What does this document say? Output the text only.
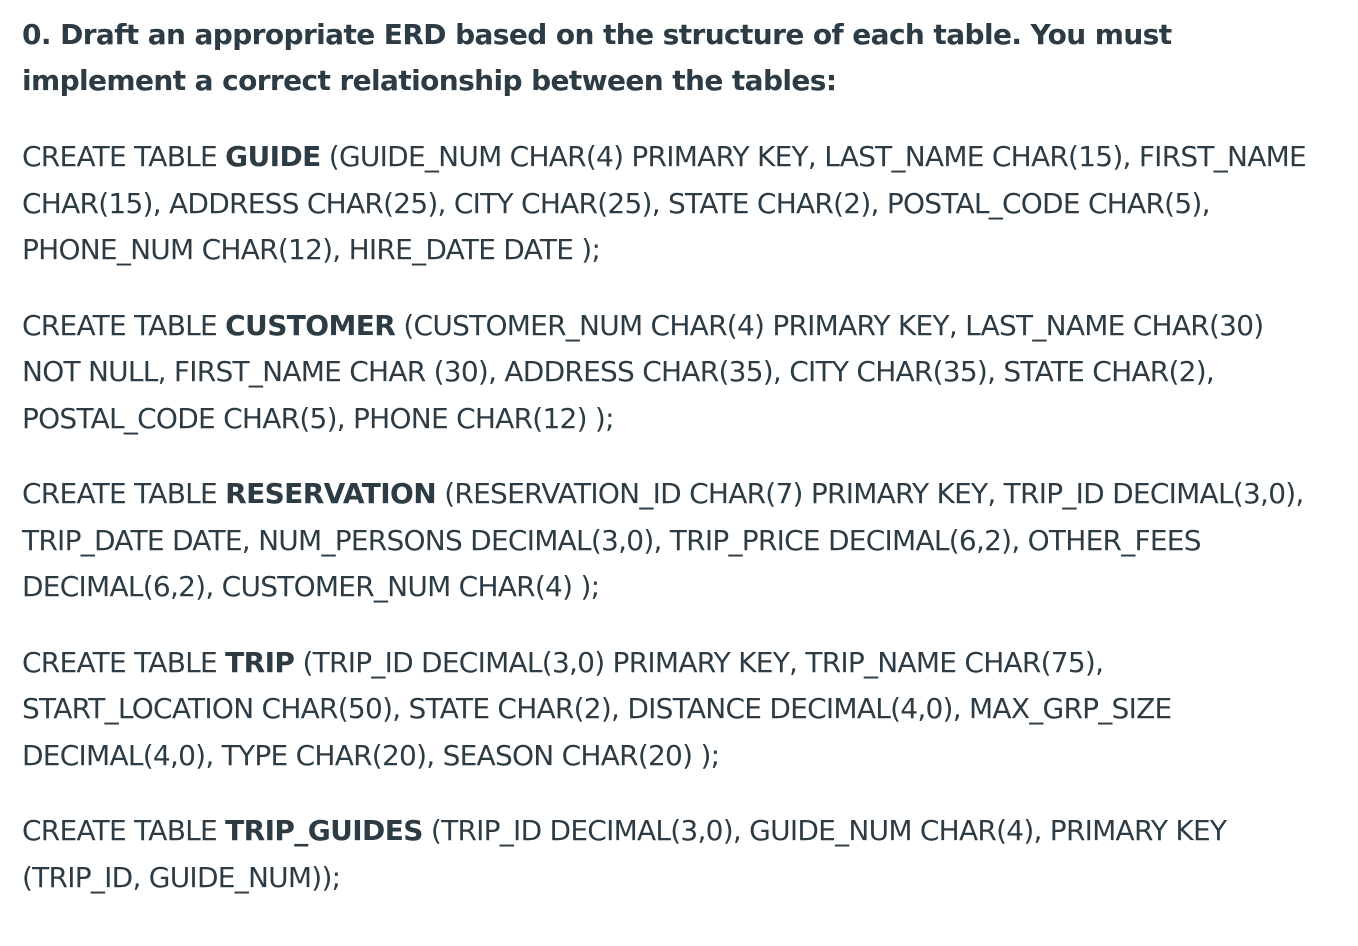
0. Draft an appropriate ERD based on the structure of each table. You must implement a correct relationship between the tables:

CREATE TABLE GUIDE (GUIDE_NUM CHAR(4) PRIMARY KEY, LAST_NAME CHAR(15), FIRST_NAME CHAR(15), ADDRESS CHAR(25), CITY CHAR(25), STATE CHAR(2), POSTAL_CODE CHAR(5), PHONE_NUM CHAR(12), HIRE_DATE DATE );

CREATE TABLE CUSTOMER (CUSTOMER_NUM CHAR(4) PRIMARY KEY, LAST_NAME CHAR(30) NOT NULL, FIRST_NAME CHAR (30), ADDRESS CHAR(35), CITY CHAR(35), STATE CHAR(2), POSTAL_CODE CHAR(5), PHONE CHAR(12) );

CREATE TABLE RESERVATION (RESERVATION_ID CHAR(7) PRIMARY KEY, TRIP_ID DECIMAL(3,0), TRIP_DATE DATE, NUM_PERSONS DECIMAL(3,0), TRIP_PRICE DECIMAL(6,2), OTHER_FEES DECIMAL(6,2), CUSTOMER_NUM CHAR(4) );

CREATE TABLE TRIP (TRIP_ID DECIMAL(3,0) PRIMARY KEY, TRIP_NAME CHAR(75), START_LOCATION CHAR(50), STATE CHAR(2), DISTANCE DECIMAL(4,0), MAX_GRP_SIZE DECIMAL(4,0), TYPE CHAR(20), SEASON CHAR(20) );

CREATE TABLE TRIP_GUIDES (TRIP_ID DECIMAL(3,0), GUIDE_NUM CHAR(4), PRIMARY KEY (TRIP_ID, GUIDE_NUM));
